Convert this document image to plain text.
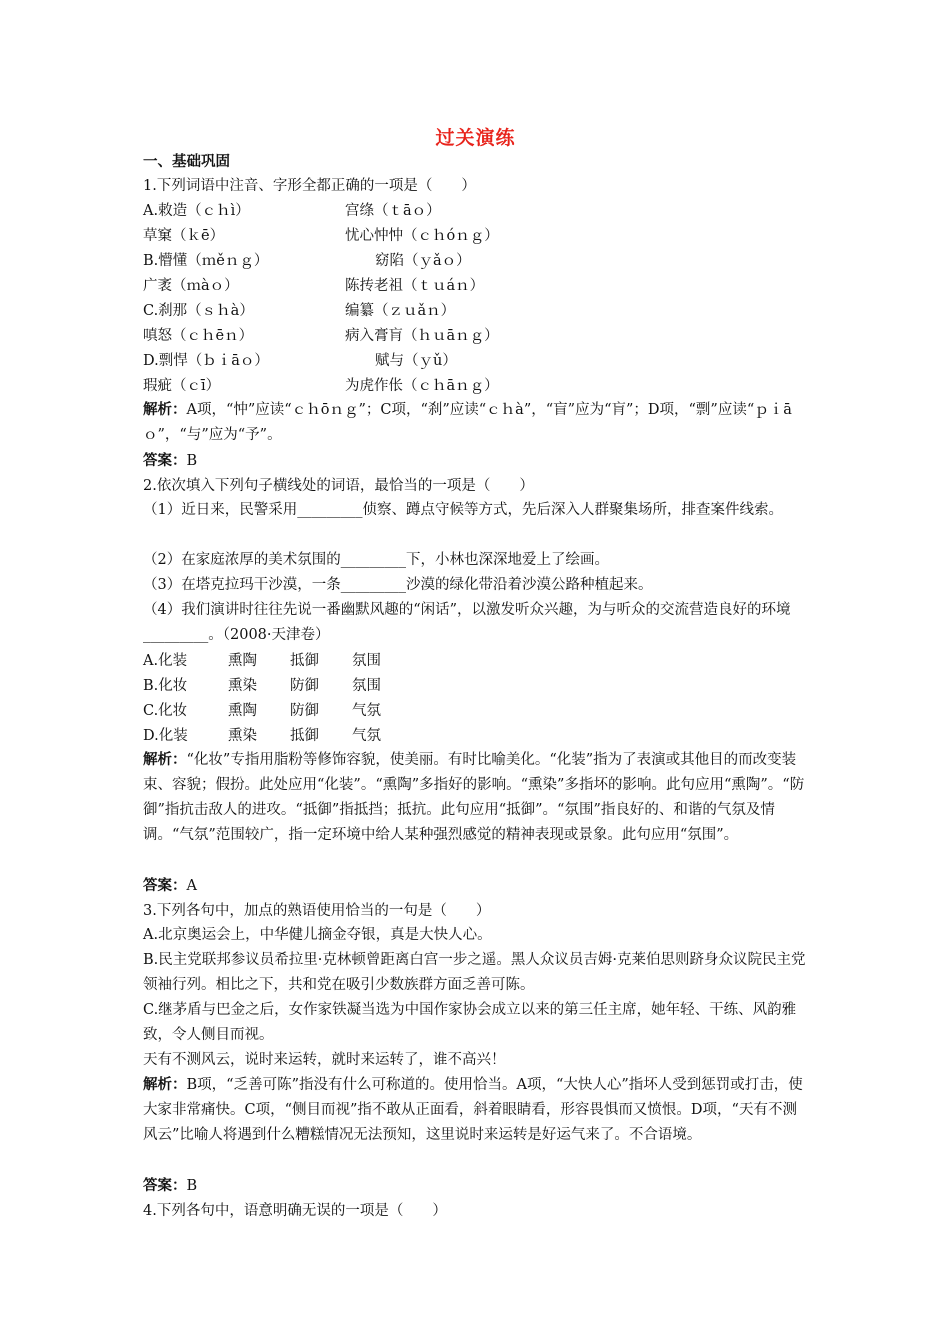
过关演练
一、基础巩固
1.下列词语中注音、字形全都正确的一项是（　　）
A.敕造（ｃｈì）	宫绦（ｔāｏ）
草窠（ｋē）	忧心忡忡（ｃｈóｎｇ）
B.懵懂（ｍěｎｇ）	窈陷（ｙǎｏ）
广袤（ｍàｏ）	陈抟老祖（ｔｕáｎ）
C.刹那（ｓｈà）	编纂（ｚｕǎｎ）
嗔怒（ｃｈēｎ）	病入膏肓（ｈｕāｎｇ）
D.剽悍（ｂｉāｏ）	赋与（ｙǔ）
瑕疵（ｃī）	为虎作伥（ｃｈāｎｇ）
解析：A项，“忡”应读“ｃｈōｎｇ”；C项，“刹”应读“ｃｈà”，“盲”应为“肓”；D项，“剽”应读“ｐｉāｏ”，“与”应为“予”。
答案：B
2.依次填入下列句子横线处的词语，最恰当的一项是（　　）
（1）近日来，民警采用_________侦察、蹲点守候等方式，先后深入人群聚集场所，排查案件线索。
（2）在家庭浓厚的美术氛围的_________下，小林也深深地爱上了绘画。
（3）在塔克拉玛干沙漠，一条_________沙漠的绿化带沿着沙漠公路种植起来。
（4）我们演讲时往往先说一番幽默风趣的“闲话”，以激发听众兴趣，为与听众的交流营造良好的环境_________。（2008·天津卷）
A.化装	熏陶 抵御 氛围
B.化妆	熏染 防御 氛围
C.化妆	熏陶 防御 气氛
D.化装	熏染 抵御 气氛
解析：“化妆”专指用脂粉等修饰容貌，使美丽。有时比喻美化。“化装”指为了表演或其他目的而改变装束、容貌；假扮。此处应用“化装”。“熏陶”多指好的影响。“熏染”多指坏的影响。此句应用“熏陶”。“防御”指抗击敌人的进攻。“抵御”指抵挡；抵抗。此句应用“抵御”。“氛围”指良好的、和谐的气氛及情调。“气氛”范围较广，指一定环境中给人某种强烈感觉的精神表现或景象。此句应用“氛围”。
答案：A
3.下列各句中，加点的熟语使用恰当的一句是（　　）
A.北京奥运会上，中华健儿摘金夺银，真是大快人心。
B.民主党联邦参议员希拉里·克林顿曾距离白宫一步之遥。黑人众议员吉姆·克莱伯思则跻身众议院民主党领袖行列。相比之下，共和党在吸引少数族群方面乏善可陈。
C.继茅盾与巴金之后，女作家铁凝当选为中国作家协会成立以来的第三任主席，她年轻、干练、风韵雅致，令人侧目而视。
天有不测风云，说时来运转，就时来运转了，谁不高兴！
解析：B项，“乏善可陈”指没有什么可称道的。使用恰当。A项，“大快人心”指坏人受到惩罚或打击，使大家非常痛快。C项，“侧目而视”指不敢从正面看，斜着眼睛看，形容畏惧而又愤恨。D项，“天有不测风云”比喻人将遇到什么糟糕情况无法预知，这里说时来运转是好运气来了。不合语境。
答案：B
4.下列各句中，语意明确无误的一项是（　　）
